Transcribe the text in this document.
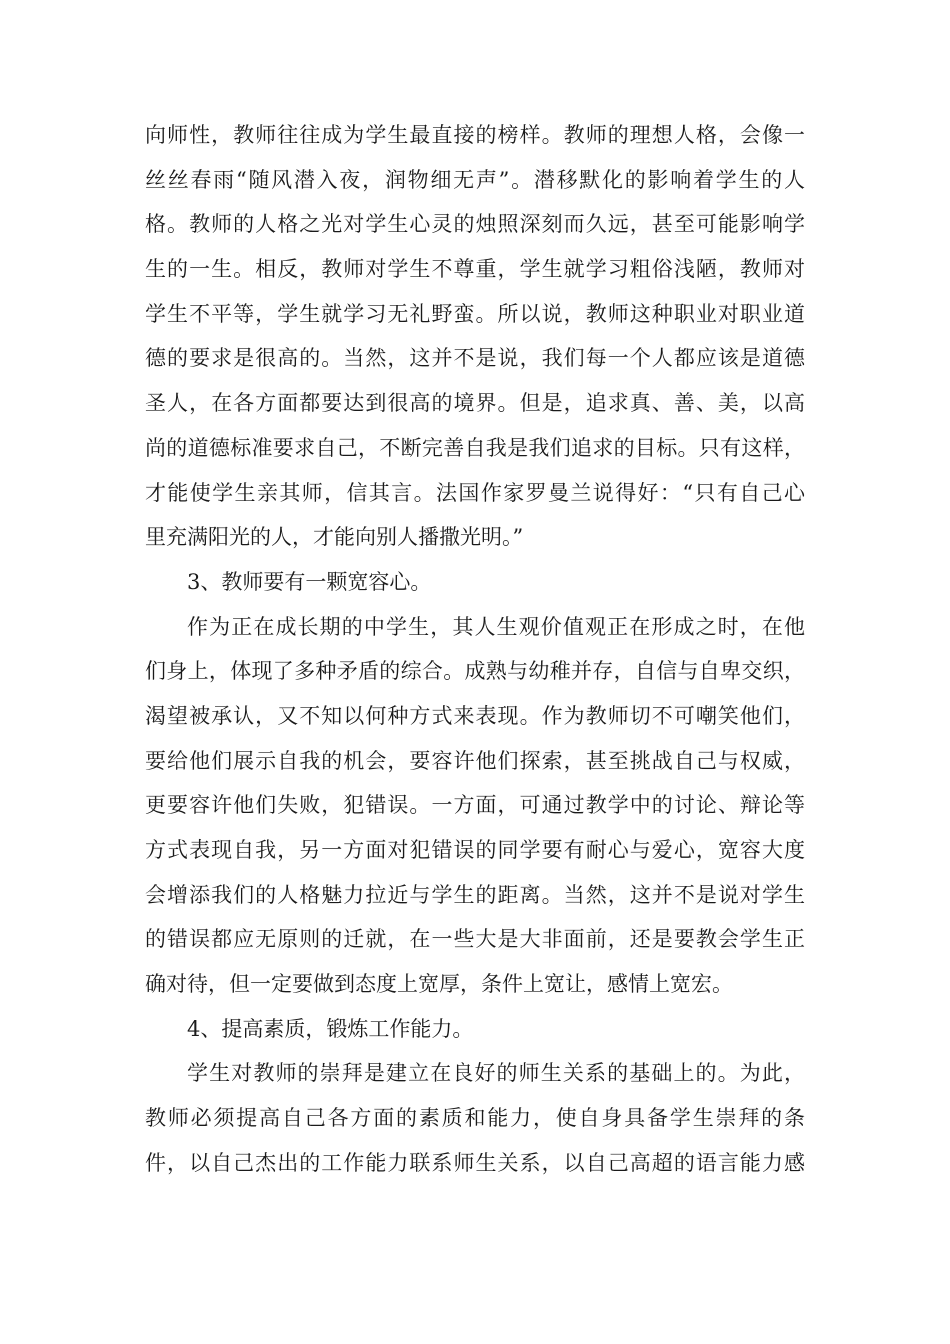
向师性，教师往往成为学生最直接的榜样。教师的理想人格，会像一
丝丝春雨“随风潜入夜，润物细无声”。潜移默化的影响着学生的人
格。教师的人格之光对学生心灵的烛照深刻而久远，甚至可能影响学
生的一生。相反，教师对学生不尊重，学生就学习粗俗浅陋，教师对
学生不平等，学生就学习无礼野蛮。所以说，教师这种职业对职业道
德的要求是很高的。当然，这并不是说，我们每一个人都应该是道德
圣人，在各方面都要达到很高的境界。但是，追求真、善、美，以高
尚的道德标准要求自己，不断完善自我是我们追求的目标。只有这样，
才能使学生亲其师，信其言。法国作家罗曼兰说得好：“只有自己心
里充满阳光的人，才能向别人播撒光明。”
3、教师要有一颗宽容心。
作为正在成长期的中学生，其人生观价值观正在形成之时，在他
们身上，体现了多种矛盾的综合。成熟与幼稚并存，自信与自卑交织，
渴望被承认，又不知以何种方式来表现。作为教师切不可嘲笑他们，
要给他们展示自我的机会，要容许他们探索，甚至挑战自己与权威，
更要容许他们失败，犯错误。一方面，可通过教学中的讨论、辩论等
方式表现自我，另一方面对犯错误的同学要有耐心与爱心，宽容大度
会增添我们的人格魅力拉近与学生的距离。当然，这并不是说对学生
的错误都应无原则的迁就，在一些大是大非面前，还是要教会学生正
确对待，但一定要做到态度上宽厚，条件上宽让，感情上宽宏。
4、提高素质，锻炼工作能力。
学生对教师的崇拜是建立在良好的师生关系的基础上的。为此，
教师必须提高自己各方面的素质和能力，使自身具备学生崇拜的条
件，以自己杰出的工作能力联系师生关系，以自己高超的语言能力感
